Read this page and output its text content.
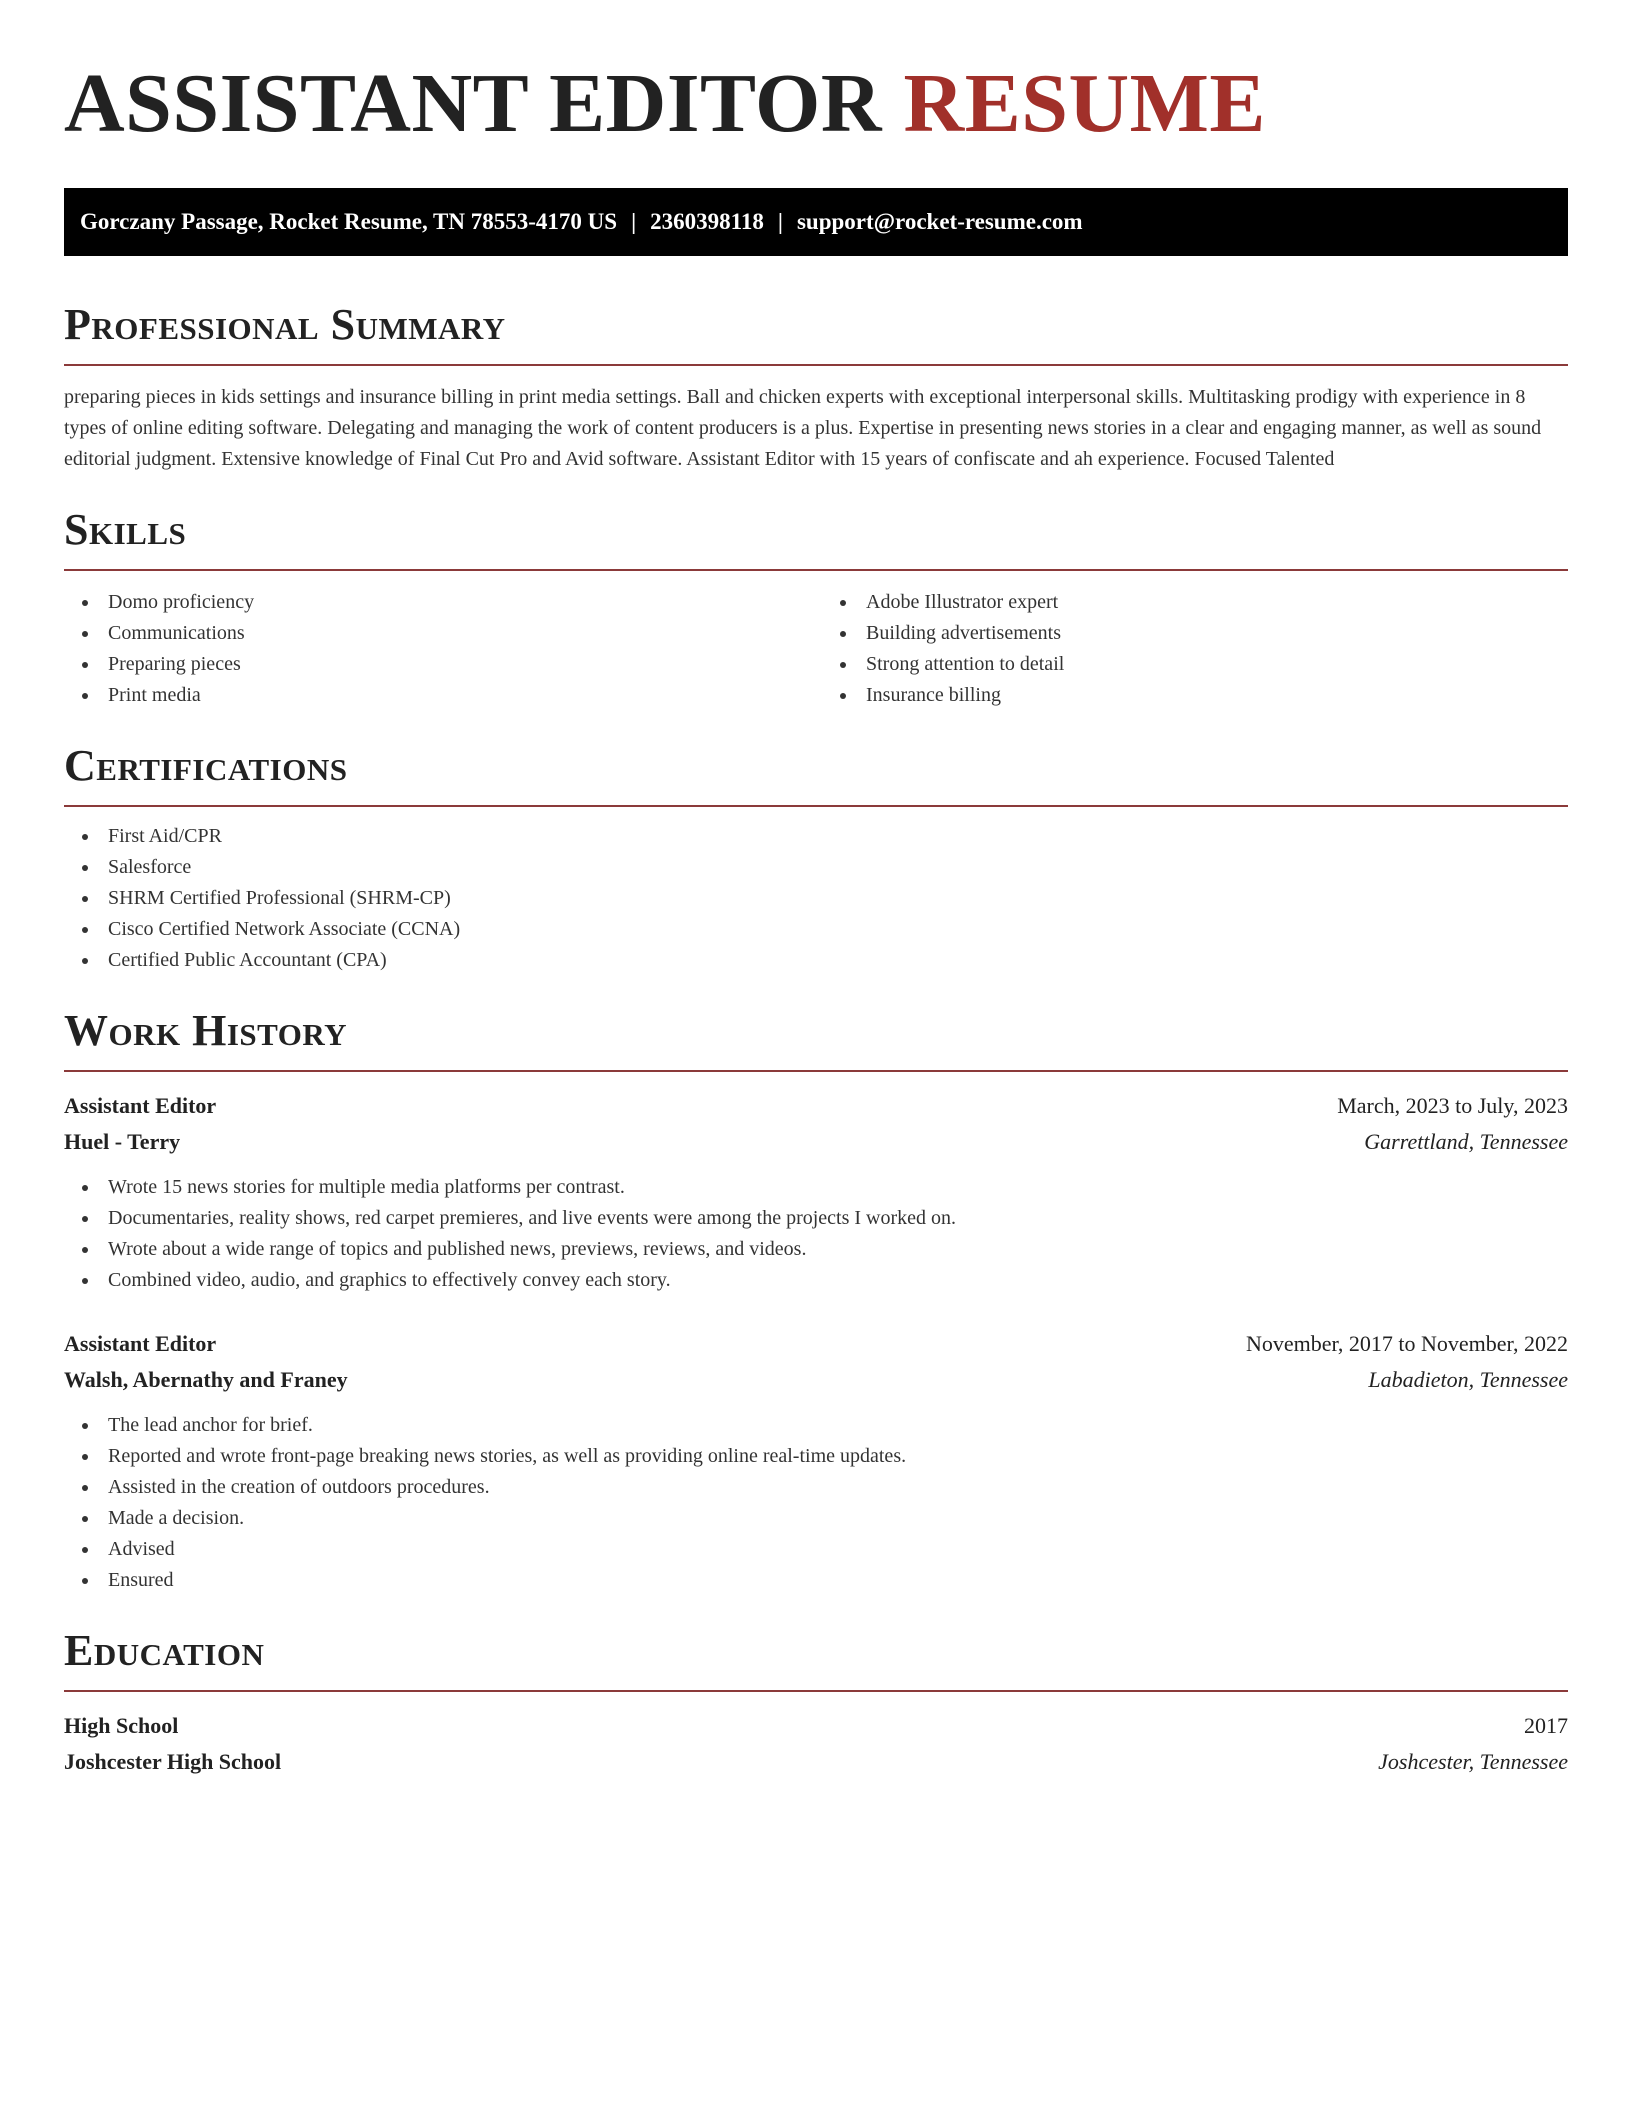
ASSISTANT EDITOR RESUME
Gorczany Passage, Rocket Resume, TN 78553-4170 US | 2360398118 | support@rocket-resume.com
Professional Summary

preparing pieces in kids settings and insurance billing in print media settings. Ball and chicken experts with exceptional interpersonal skills. Multitasking prodigy with experience in 8 types of online editing software. Delegating and managing the work of content producers is a plus. Expertise in presenting news stories in a clear and engaging manner, as well as sound editorial judgment. Extensive knowledge of Final Cut Pro and Avid software. Assistant Editor with 15 years of confiscate and ah experience. Focused Talented

Skills
Domo proficiency
Communications
Preparing pieces
Print media
Adobe Illustrator expert
Building advertisements
Strong attention to detail
Insurance billing
Certifications
First Aid/CPR
Salesforce
SHRM Certified Professional (SHRM-CP)
Cisco Certified Network Associate (CCNA)
Certified Public Accountant (CPA)
Work History
Assistant Editor	March, 2023 to July, 2023
Huel - Terry	Garrettland, Tennessee
Wrote 15 news stories for multiple media platforms per contrast.
Documentaries, reality shows, red carpet premieres, and live events were among the projects I worked on.
Wrote about a wide range of topics and published news, previews, reviews, and videos.
Combined video, audio, and graphics to effectively convey each story.
Assistant Editor	November, 2017 to November, 2022
Walsh, Abernathy and Franey	Labadieton, Tennessee
The lead anchor for brief.
Reported and wrote front-page breaking news stories, as well as providing online real-time updates.
Assisted in the creation of outdoors procedures.
Made a decision.
Advised
Ensured
Education
High School	2017
Joshcester High School	Joshcester, Tennessee
